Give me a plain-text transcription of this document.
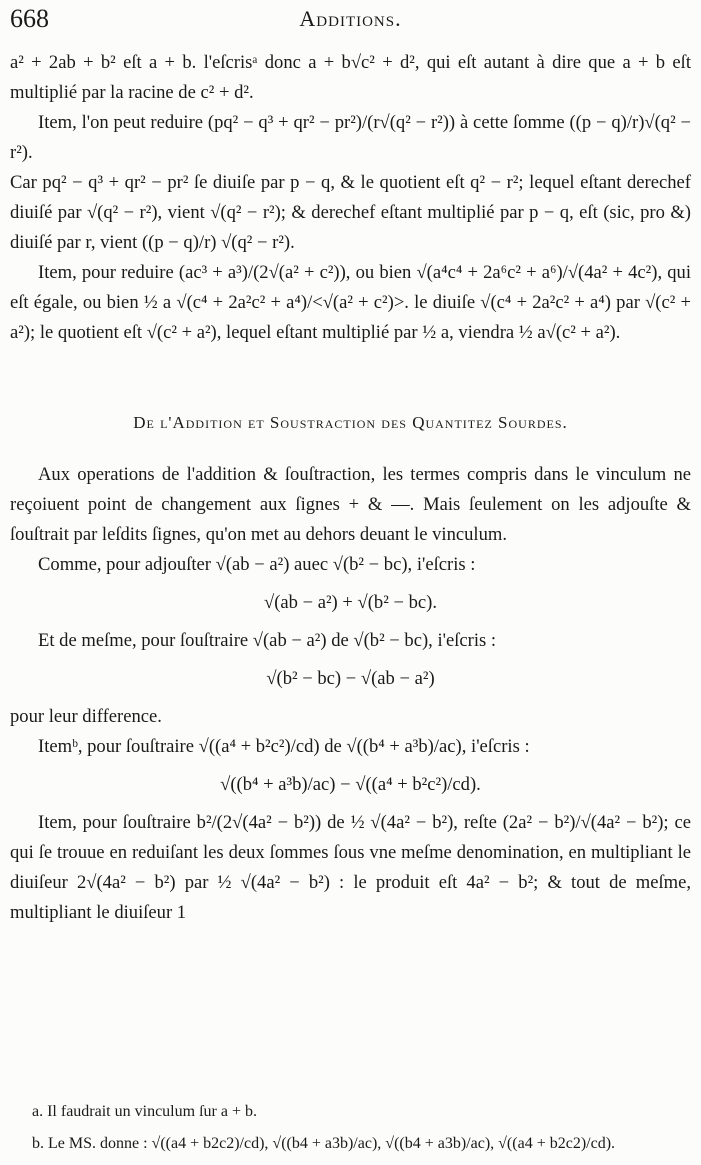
668	Additions.

a² + 2ab + b² eſt a + b. l'eſcrisᵃ donc a + b√c² + d², qui eſt autant à dire que a + b eſt multiplié par la racine de c² + d².

Item, l'on peut reduire (pq² − q³ + qr² − pr²)/(r√(q² − r²)) à cette ſomme ((p − q)/r)√(q² − r²).

Car pq² − q³ + qr² − pr² ſe diuiſe par p − q, & le quotient eſt q² − r²; lequel eſtant derechef diuiſé par √(q² − r²), vient √(q² − r²); & derechef eſtant multiplié par p − q, eſt (sic, pro &) diuiſé par r, vient ((p − q)/r) √(q² − r²).

Item, pour reduire (ac³ + a³)/(2√(a² + c²)), ou bien √(a⁴c⁴ + 2a⁶c² + a⁶)/√(4a² + 4c²), qui eſt égale, ou bien ½ a √(c⁴ + 2a²c² + a⁴)/<√(a² + c²)>. le diuiſe √(c⁴ + 2a²c² + a⁴) par √(c² + a²); le quotient eſt √(c² + a²), lequel eſtant multiplié par ½ a, viendra ½ a√(c² + a²).

De l'Addition et Soustraction des Quantitez Sourdes.

Aux operations de l'addition & ſouſtraction, les termes compris dans le vinculum ne reçoiuent point de changement aux ſignes + & —. Mais ſeulement on les adjouſte & ſouſtrait par leſdits ſignes, qu'on met au dehors deuant le vinculum.

Comme, pour adjouſter √(ab − a²) auec √(b² − bc), i'eſcris :

√(ab − a²) + √(b² − bc).

Et de meſme, pour ſouſtraire √(ab − a²) de √(b² − bc), i'eſcris :

√(b² − bc) − √(ab − a²)

pour leur difference.

Itemᵇ, pour ſouſtraire √((a⁴ + b²c²)/cd) de √((b⁴ + a³b)/ac), i'eſcris :

√((b⁴ + a³b)/ac) − √((a⁴ + b²c²)/cd).

Item, pour ſouſtraire b²/(2√(4a² − b²)) de ½ √(4a² − b²), reſte (2a² − b²)/√(4a² − b²); ce qui ſe trouue en reduiſant les deux ſommes ſous vne meſme denomination, en multipliant le diuiſeur 2√(4a² − b²) par ½ √(4a² − b²) : le produit eſt 4a² − b²; & tout de meſme, multipliant le diuiſeur 1

a. Il faudrait un vinculum ſur a + b.

b. Le MS. donne : √((a4 + b2c2)/cd), √((b4 + a3b)/ac), √((b4 + a3b)/ac), √((a4 + b2c2)/cd).
